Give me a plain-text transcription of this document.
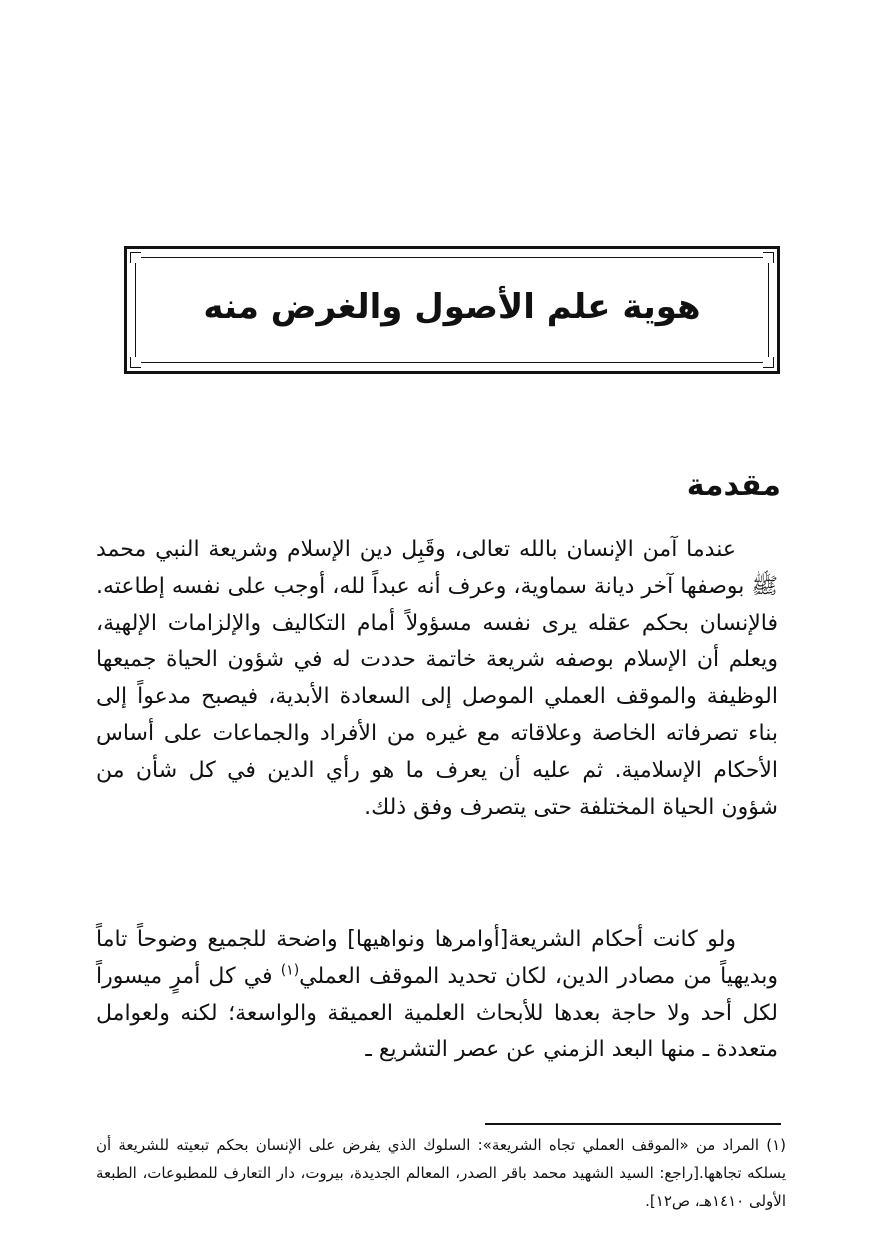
هوية علم الأصول والغرض منه
مقدمة

عندما آمن الإنسان بالله تعالى، وقَبِل دين الإسلام وشريعة النبي محمد ﷺ بوصفها آخر ديانة سماوية، وعرف أنه عبداً لله، أوجب على نفسه إطاعته. فالإنسان بحكم عقله يرى نفسه مسؤولاً أمام التكاليف والإلزامات الإلهية، ويعلم أن الإسلام بوصفه شريعة خاتمة حددت له في شؤون الحياة جميعها الوظيفة والموقف العملي الموصل إلى السعادة الأبدية، فيصبح مدعواً إلى بناء تصرفاته الخاصة وعلاقاته مع غيره من الأفراد والجماعات على أساس الأحكام الإسلامية. ثم عليه أن يعرف ما هو رأي الدين في كل شأن من شؤون الحياة المختلفة حتى يتصرف وفق ذلك.

ولو كانت أحكام الشريعة[أوامرها ونواهيها] واضحة للجميع وضوحاً تاماً وبديهياً من مصادر الدين، لكان تحديد الموقف العملي$^{(١)}$ في كل أمرٍ ميسوراً لكل أحد ولا حاجة بعدها للأبحاث العلمية العميقة والواسعة؛ لكنه ولعوامل متعددة ـ منها البعد الزمني عن عصر التشريع ـ

(١) المراد من «الموقف العملي تجاه الشريعة»: السلوك الذي يفرض على الإنسان بحكم تبعيته للشريعة أن يسلكه تجاهها.[راجع: السيد الشهيد محمد باقر الصدر، المعالم الجديدة، بيروت، دار التعارف للمطبوعات، الطبعة الأولى ١٤١٠هـ، ص١٢].
